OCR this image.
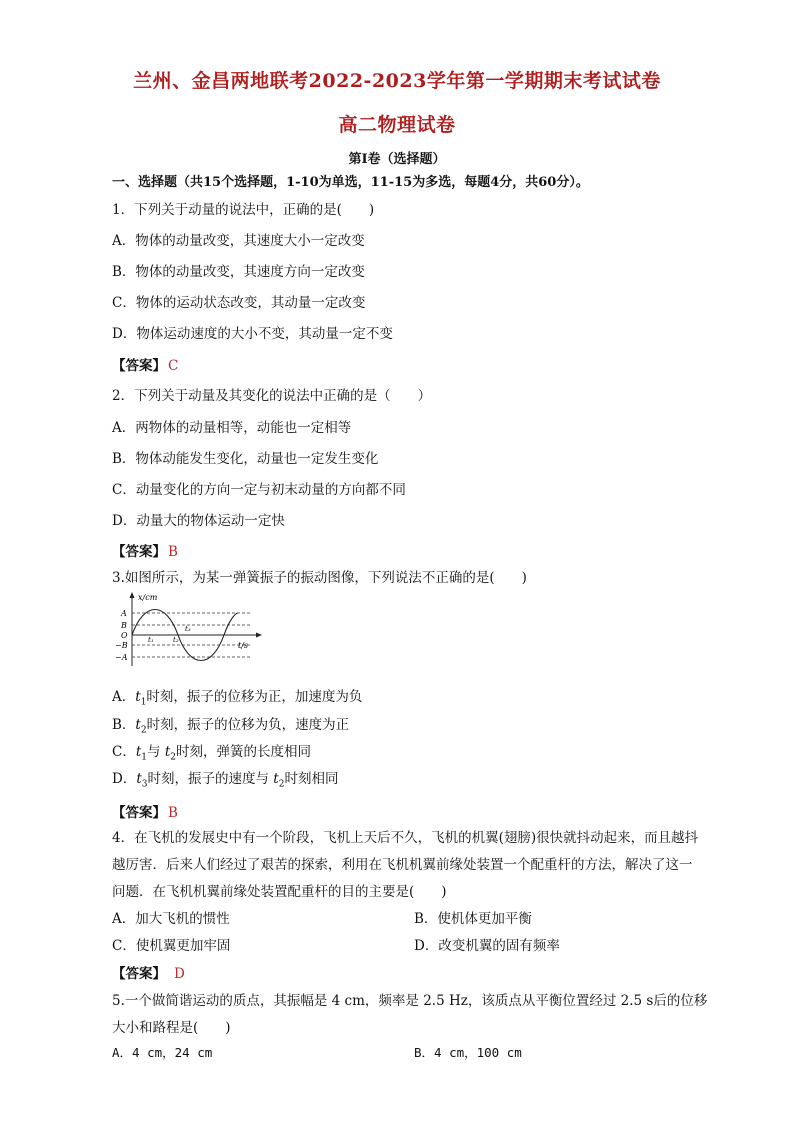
兰州、金昌两地联考2022-2023学年第一学期期末考试试卷
高二物理试卷
第Ⅰ卷（选择题）
一、选择题（共15个选择题，1-10为单选，11-15为多选，每题4分，共60分）。
1．下列关于动量的说法中，正确的是(　　)
A．物体的动量改变，其速度大小一定改变
B．物体的动量改变，其速度方向一定改变
C．物体的运动状态改变，其动量一定改变
D．物体运动速度的大小不变，其动量一定不变
【答案】 C
2．下列关于动量及其变化的说法中正确的是（　　）
A．两物体的动量相等，动能也一定相等
B．物体动能发生变化，动量也一定发生变化
C．动量变化的方向一定与初末动量的方向都不同
D．动量大的物体运动一定快
【答案】 B
3.如图所示，为某一弹簧振子的振动图像，下列说法不正确的是(　　)
x/cm
t/s
A
B
O
−B
−A
t₁	t₂
t₃
A．$t_1$时刻，振子的位移为正，加速度为负
B．$t_2$时刻，振子的位移为负，速度为正
C．$t_1$与 $t_2$时刻，弹簧的长度相同
D．$t_3$时刻，振子的速度与 $t_2$时刻相同
【答案】 B
4．在飞机的发展史中有一个阶段，飞机上天后不久，飞机的机翼(翅膀)很快就抖动起来，而且越抖
越厉害．后来人们经过了艰苦的探索，利用在飞机机翼前缘处装置一个配重杆的方法，解决了这一
问题．在飞机机翼前缘处装置配重杆的目的主要是(　　)
A．加大飞机的惯性	B．使机体更加平衡
C．使机翼更加牢固	D．改变机翼的固有频率
【答案】 D
5.一个做简谐运动的质点，其振幅是 4 cm，频率是 2.5 Hz，该质点从平衡位置经过 2.5 s后的位移
大小和路程是(　　)
A．4 cm，24 cm	B．4 cm，100 cm
